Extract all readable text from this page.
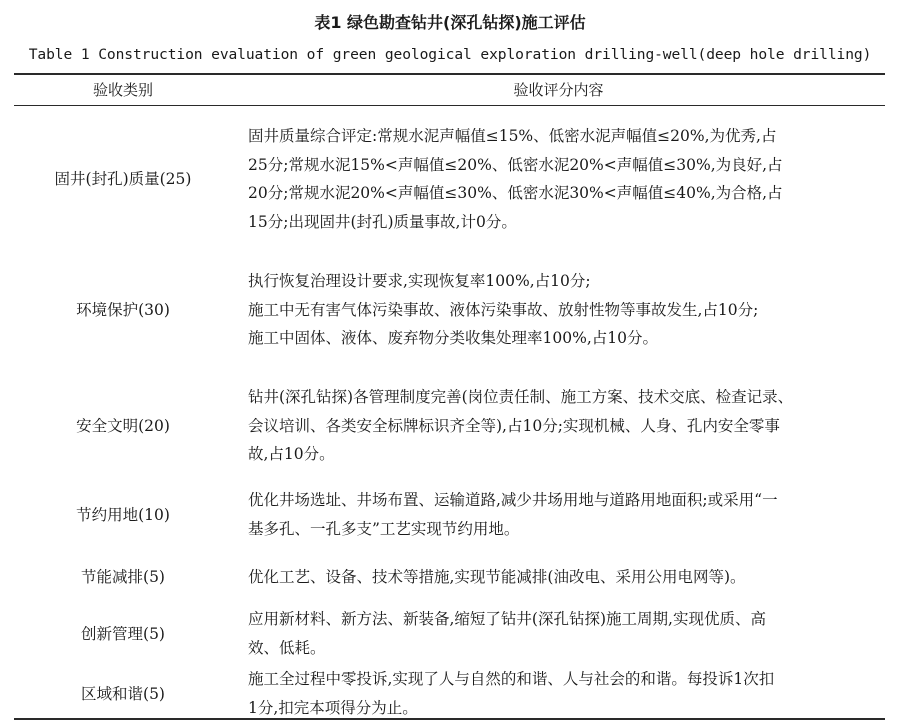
表1 绿色勘查钻井(深孔钻探)施工评估
Table 1 Construction evaluation of green geological exploration drilling-well(deep hole drilling)
验收类别	验收评分内容
固井(封孔)质量(25)
固井质量综合评定:常规水泥声幅值≤15%、低密水泥声幅值≤20%,为优秀,占
25分;常规水泥15%<声幅值≤20%、低密水泥20%<声幅值≤30%,为良好,占
20分;常规水泥20%<声幅值≤30%、低密水泥30%<声幅值≤40%,为合格,占
15分;出现固井(封孔)质量事故,计0分。
环境保护(30)
执行恢复治理设计要求,实现恢复率100%,占10分;
施工中无有害气体污染事故、液体污染事故、放射性物等事故发生,占10分;
施工中固体、液体、废弃物分类收集处理率100%,占10分。
安全文明(20)
钻井(深孔钻探)各管理制度完善(岗位责任制、施工方案、技术交底、检查记录、
会议培训、各类安全标牌标识齐全等),占10分;实现机械、人身、孔内安全零事
故,占10分。
节约用地(10)
优化井场选址、井场布置、运输道路,减少井场用地与道路用地面积;或采用“一
基多孔、一孔多支”工艺实现节约用地。
节能减排(5)	优化工艺、设备、技术等措施,实现节能减排(油改电、采用公用电网等)。
创新管理(5)
应用新材料、新方法、新装备,缩短了钻井(深孔钻探)施工周期,实现优质、高
效、低耗。
区域和谐(5)
施工全过程中零投诉,实现了人与自然的和谐、人与社会的和谐。每投诉1次扣
1分,扣完本项得分为止。
